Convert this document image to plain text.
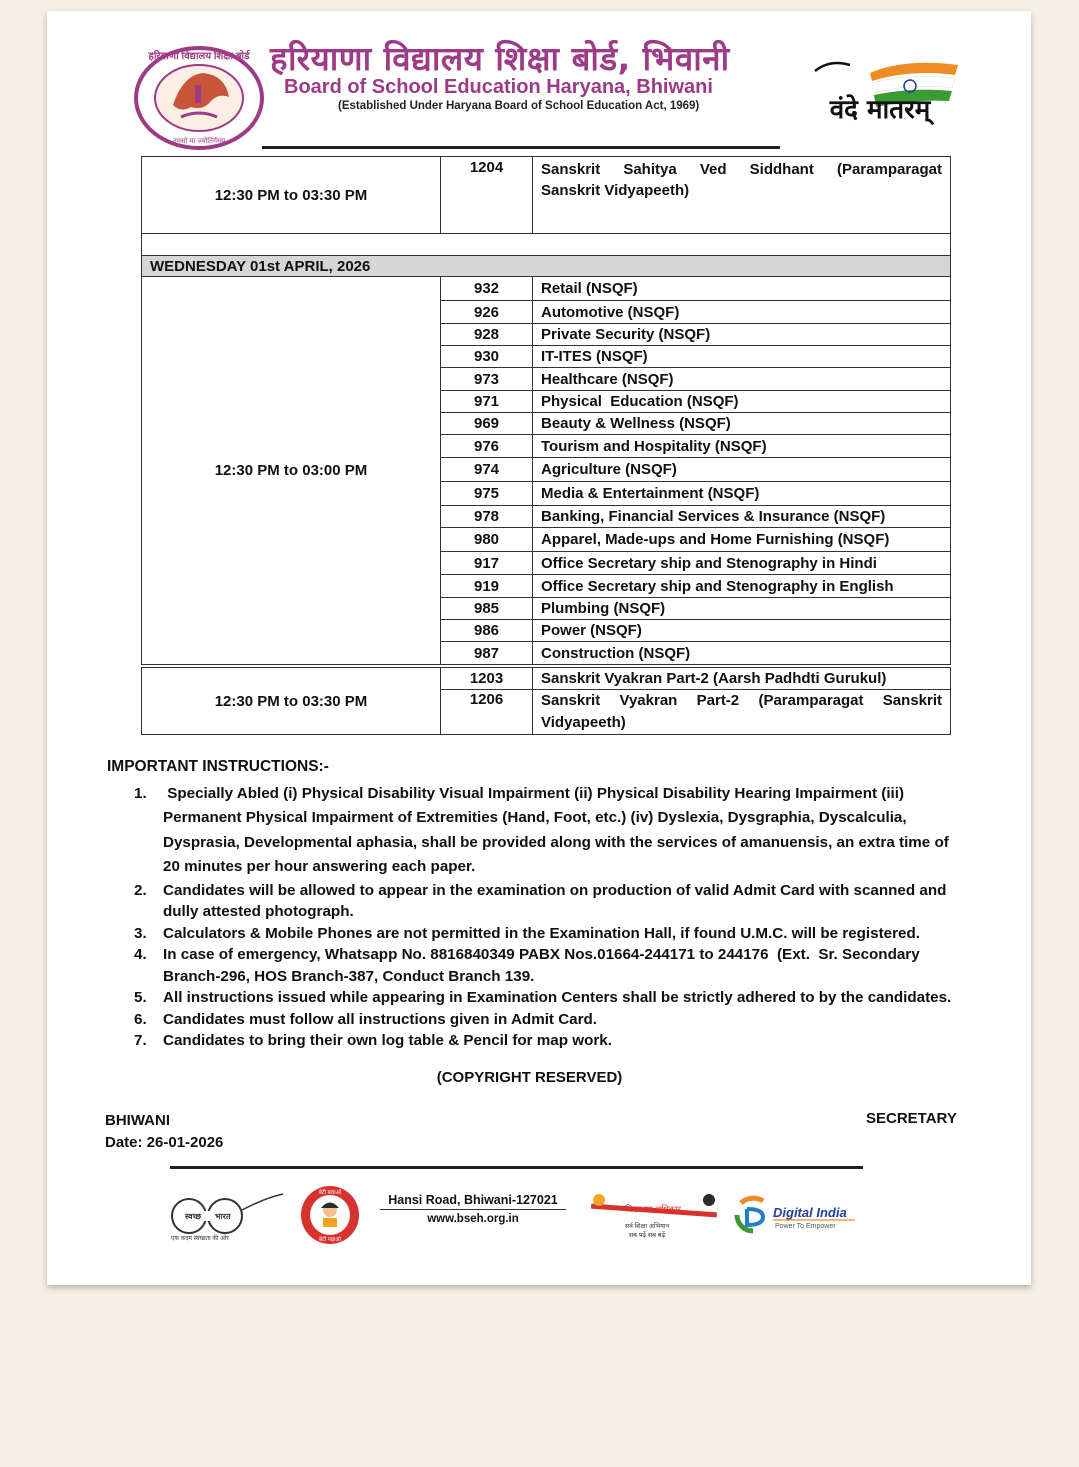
हरियाणा विद्यालय शिक्षा बोर्ड
तमसो मा ज्योतिर्गमय
हरियाणा विद्यालय शिक्षा बोर्ड, भिवानी
Board of School Education Haryana, Bhiwani
(Established Under Haryana Board of School Education Act, 1969)	वंदे मातरम्
12:30 PM to 03:30 PM	1204	Sanskrit Sahitya Ved Siddhant (Paramparagat
Sanskrit Vidyapeeth)

WEDNESDAY 01st APRIL, 2026
12:30 PM to 03:00 PM	932	Retail (NSQF)
	926	Automotive (NSQF)
	928	Private Security (NSQF)
	930	IT-ITES (NSQF)
	973	Healthcare (NSQF)
	971	Physical  Education (NSQF)
	969	Beauty & Wellness (NSQF)
	976	Tourism and Hospitality (NSQF)
	974	Agriculture (NSQF)
	975	Media & Entertainment (NSQF)
	978	Banking, Financial Services & Insurance (NSQF)
	980	Apparel, Made-ups and Home Furnishing (NSQF)
	917	Office Secretary ship and Stenography in Hindi
	919	Office Secretary ship and Stenography in English
	985	Plumbing (NSQF)
	986	Power (NSQF)
	987	Construction (NSQF)
12:30 PM to 03:30 PM	1203	Sanskrit Vyakran Part-2 (Aarsh Padhdti Gurukul)
	1206	Sanskrit Vyakran Part-2 (Paramparagat Sanskrit Vidyapeeth)
IMPORTANT INSTRUCTIONS:-
1. Specially Abled (i) Physical Disability Visual Impairment (ii) Physical Disability Hearing Impairment (iii) Permanent Physical Impairment of Extremities (Hand, Foot, etc.) (iv) Dyslexia, Dysgraphia, Dyscalculia, Dysprasia, Developmental aphasia, shall be provided along with the services of amanuensis, an extra time of 20 minutes per hour answering each paper.
2. Candidates will be allowed to appear in the examination on production of valid Admit Card with scanned and dully attested photograph.
3. Calculators & Mobile Phones are not permitted in the Examination Hall, if found U.M.C. will be registered.
4. In case of emergency, Whatsapp No. 8816840349 PABX Nos.01664-244171 to 244176  (Ext.  Sr. Secondary Branch-296, HOS Branch-387, Conduct Branch 139.
5. All instructions issued while appearing in Examination Centers shall be strictly adhered to by the candidates.
6. Candidates must follow all instructions given in Admit Card.
7. Candidates to bring their own log table & Pencil for map work.
(COPYRIGHT RESERVED)
BHIWANI
Date: 26-01-2026
SECRETARY
स्वच्छ भारत
एक कदम स्वच्छता की ओर
बेटी बचाओ
बेटी पढ़ाओ
Hansi Road, Bhiwani-127021
www.bseh.org.in
शिक्षा का अधिकार
सर्व शिक्षा अभियान
सब पढ़ें सब बढ़ें
Digital India
Power To Empower
